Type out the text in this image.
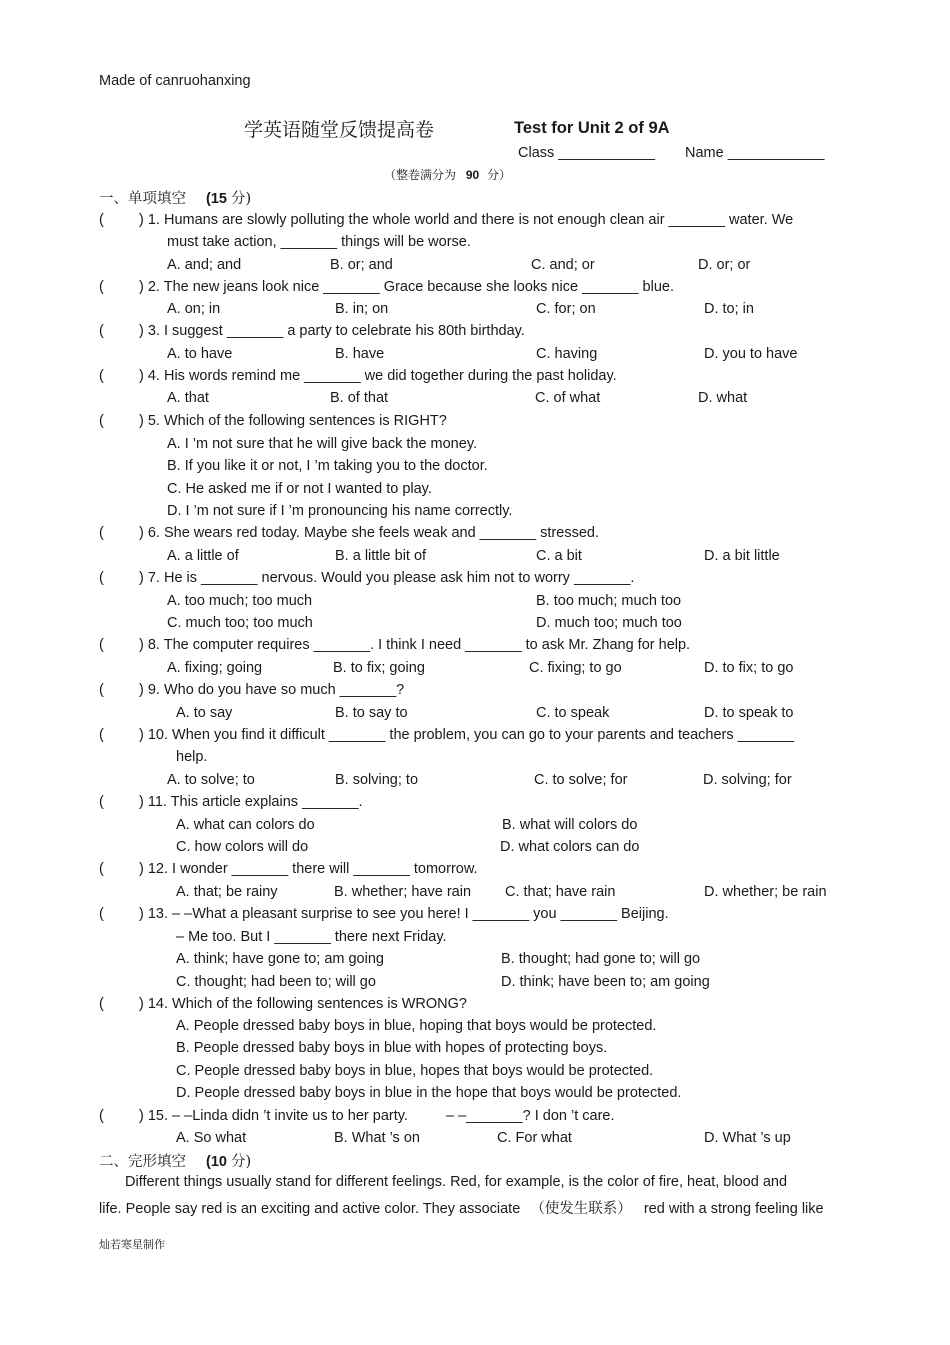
Made of canruohanxing
学英语随堂反馈提高卷	Test for Unit 2 of 9A
Class ____________ Name ____________
（整卷满分为 90 分）
一、单项填空 (15 分)
( ) 1. Humans are slowly polluting the whole world and there is not enough clean air _______ water. We
must take action, _______ things will be worse.
A. and; and	B. or; and	C. and; or	D. or; or
( ) 2. The new jeans look nice _______ Grace because she looks nice _______ blue.
A. on; in	B. in; on	C. for; on	D. to; in
( ) 3. I suggest _______ a party to celebrate his 80th birthday.
A. to have	B. have	C. having	D. you to have
( ) 4. His words remind me _______ we did together during the past holiday.
A. that	B. of that	C. of what	D. what
( ) 5. Which of the following sentences is RIGHT?
A. I ’m not sure that he will give back the money.
B. If you like it or not, I ’m taking you to the doctor.
C. He asked me if or not I wanted to play.
D. I ’m not sure if I ’m pronouncing his name correctly.
( ) 6. She wears red today. Maybe she feels weak and _______ stressed.
A. a little of	B. a little bit of	C. a bit	D. a bit little
( ) 7. He is _______ nervous. Would you please ask him not to worry _______.
A. too much; too much	B. too much; much too
C. much too; too much	D. much too; much too
( ) 8. The computer requires _______. I think I need _______ to ask Mr. Zhang for help.
A. fixing; going	B. to fix; going	C. fixing; to go	D. to fix; to go
( ) 9. Who do you have so much _______?
A. to say	B. to say to	C. to speak	D. to speak to
( ) 10. When you find it difficult _______ the problem, you can go to your parents and teachers _______
help.
A. to solve; to	B. solving; to	C. to solve; for	D. solving; for
( ) 11. This article explains _______.
A. what can colors do	B. what will colors do
C. how colors will do	D. what colors can do
( ) 12. I wonder _______ there will _______ tomorrow.
A. that; be rainy	B. whether; have rain C. that; have rain	D. whether; be rain
( ) 13. – –What a pleasant surprise to see you here! I _______ you _______ Beijing.
– Me too. But I _______ there next Friday.
A. think; have gone to; am going	B. thought; had gone to; will go
C. thought; had been to; will go	D. think; have been to; am going
( ) 14. Which of the following sentences is WRONG?
A. People dressed baby boys in blue, hoping that boys would be protected.
B. People dressed baby boys in blue with hopes of protecting boys.
C. People dressed baby boys in blue, hopes that boys would be protected.
D. People dressed baby boys in blue in the hope that boys would be protected.
( ) 15. – –Linda didn ’t invite us to her party.	– –_______? I don ’t care.
A. So what	B. What ’s on	C. For what	D. What ’s up
二、完形填空 (10 分)
Different things usually stand for different feelings. Red, for example, is the color of fire, heat, blood and
life. People say red is an exciting and active color. They associate （使发生联系） red with a strong feeling like
灿若寒星制作
